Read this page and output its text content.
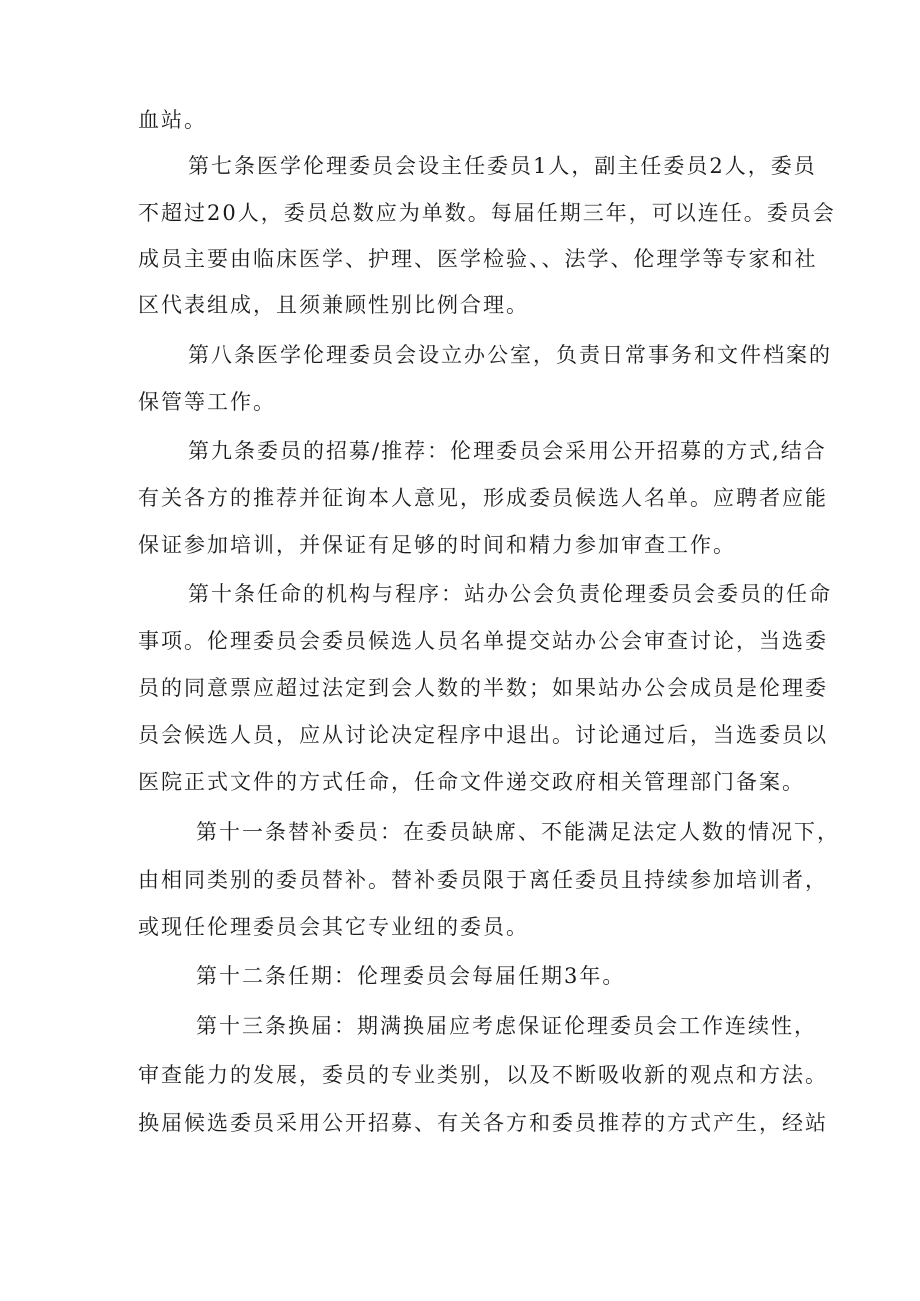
血站。
第七条医学伦理委员会设主任委员1人，副主任委员2人，委员
不超过20人，委员总数应为单数。每届任期三年，可以连任。委员会
成员主要由临床医学、护理、医学检验、、法学、伦理学等专家和社
区代表组成，且须兼顾性别比例合理。
第八条医学伦理委员会设立办公室，负责日常事务和文件档案的
保管等工作。
第九条委员的招募/推荐：伦理委员会采用公开招募的方式,结合
有关各方的推荐并征询本人意见，形成委员候选人名单。应聘者应能
保证参加培训，并保证有足够的时间和精力参加审查工作。
第十条任命的机构与程序：站办公会负责伦理委员会委员的任命
事项。伦理委员会委员候选人员名单提交站办公会审查讨论，当选委
员的同意票应超过法定到会人数的半数；如果站办公会成员是伦理委
员会候选人员，应从讨论决定程序中退出。讨论通过后，当选委员以
医院正式文件的方式任命，任命文件递交政府相关管理部门备案。
第十一条替补委员：在委员缺席、不能满足法定人数的情况下，
由相同类别的委员替补。替补委员限于离任委员且持续参加培训者，
或现任伦理委员会其它专业纽的委员。
第十二条任期：伦理委员会每届任期3年。
第十三条换届：期满换届应考虑保证伦理委员会工作连续性，
审查能力的发展，委员的专业类别，以及不断吸收新的观点和方法。
换届候选委员采用公开招募、有关各方和委员推荐的方式产生，经站
